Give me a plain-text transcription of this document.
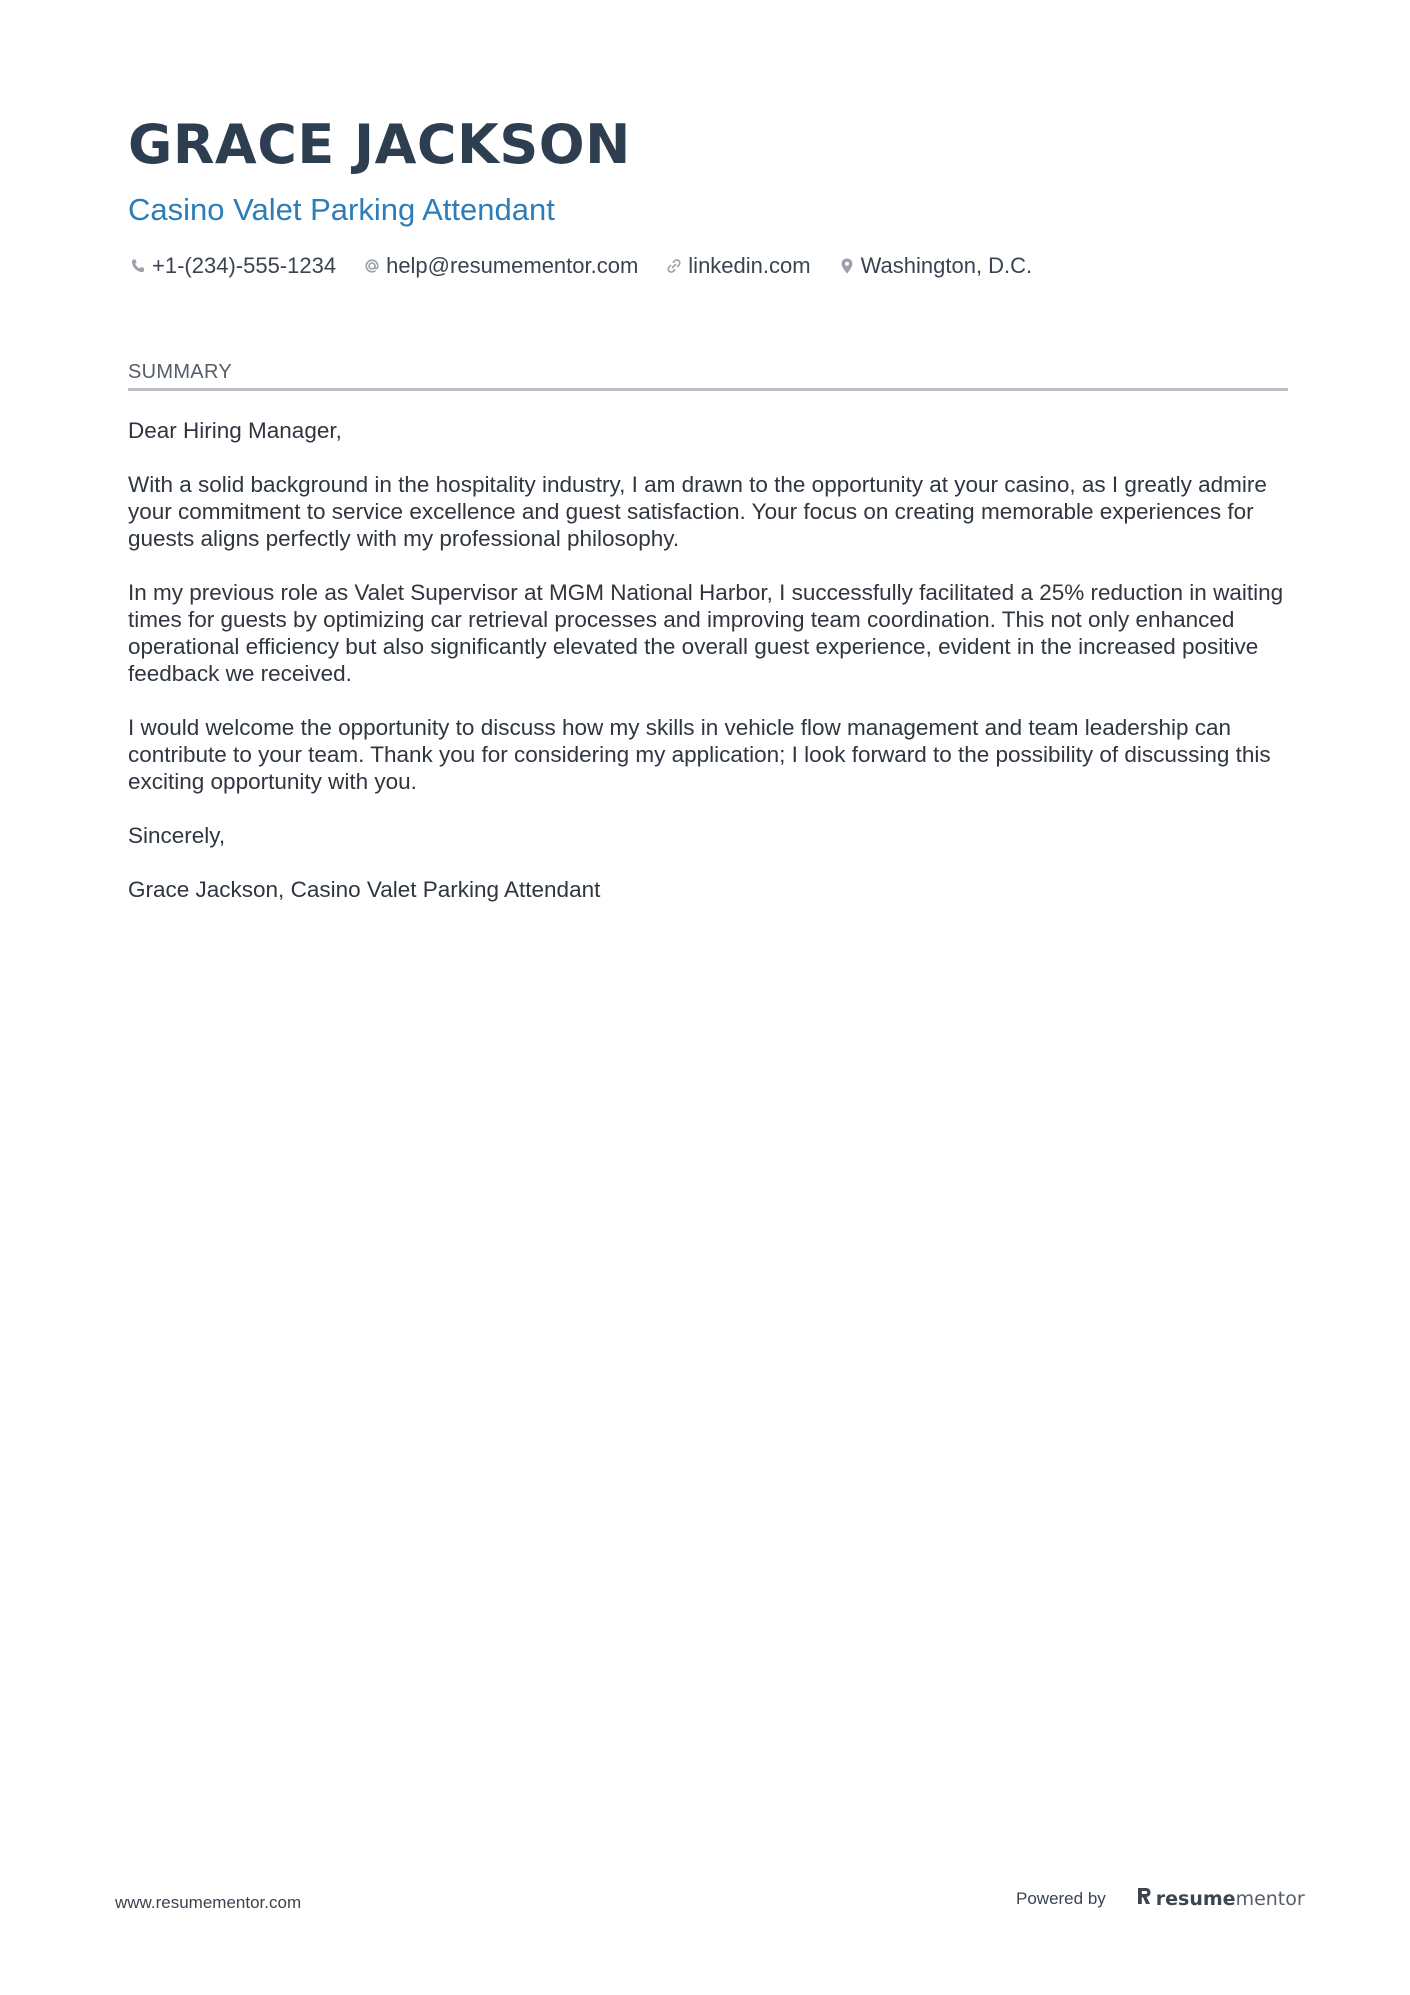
GRACE JACKSON
Casino Valet Parking Attendant
+1-(234)-555-1234 help@resumementor.com linkedin.com Washington, D.C.
SUMMARY

Dear Hiring Manager,

With a solid background in the hospitality industry, I am drawn to the opportunity at your casino, as I greatly admire your commitment to service excellence and guest satisfaction. Your focus on creating memorable experiences for guests aligns perfectly with my professional philosophy.

In my previous role as Valet Supervisor at MGM National Harbor, I successfully facilitated a 25% reduction in waiting times for guests by optimizing car retrieval processes and improving team coordination. This not only enhanced operational efficiency but also significantly elevated the overall guest experience, evident in the increased positive feedback we received.

I would welcome the opportunity to discuss how my skills in vehicle flow management and team leadership can contribute to your team. Thank you for considering my application; I look forward to the possibility of discussing this exciting opportunity with you.

Sincerely,

Grace Jackson, Casino Valet Parking Attendant

www.resumementor.com	Powered by	resume mentor
